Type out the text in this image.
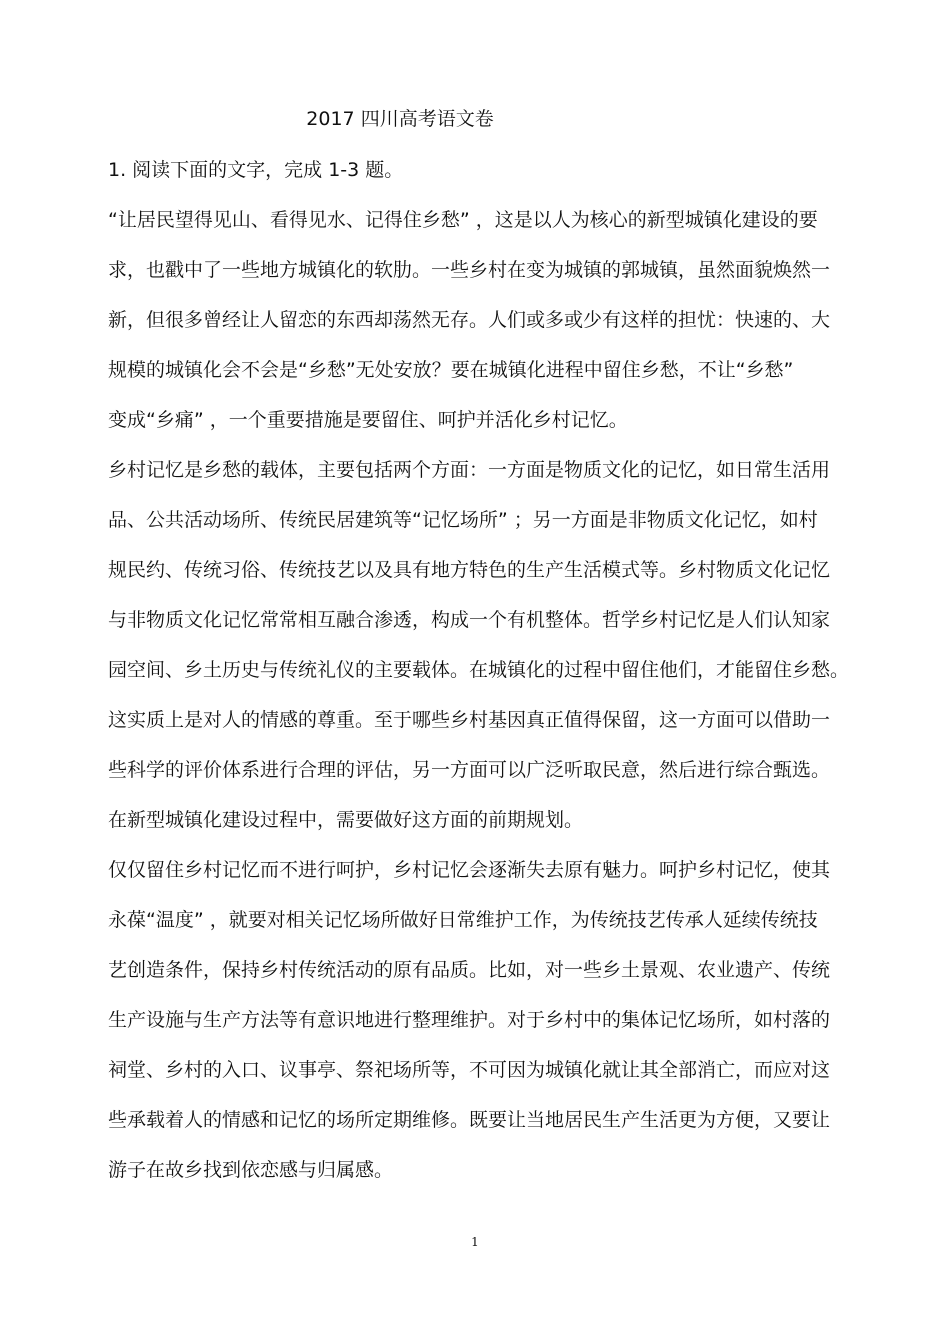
2017 四川高考语文卷
1. 阅读下面的文字，完成 1-3 题。
“让居民望得见山、看得见水、记得住乡愁” ，这是以人为核心的新型城镇化建设的要
求，也戳中了一些地方城镇化的软肋。一些乡村在变为城镇的郭城镇，虽然面貌焕然一
新，但很多曾经让人留恋的东西却荡然无存。人们或多或少有这样的担忧：快速的、大
规模的城镇化会不会是“乡愁”无处安放？要在城镇化进程中留住乡愁，不让“乡愁”
变成“乡痛” ，一个重要措施是要留住、呵护并活化乡村记忆。
乡村记忆是乡愁的载体，主要包括两个方面：一方面是物质文化的记忆，如日常生活用
品、公共活动场所、传统民居建筑等“记忆场所” ；另一方面是非物质文化记忆，如村
规民约、传统习俗、传统技艺以及具有地方特色的生产生活模式等。乡村物质文化记忆
与非物质文化记忆常常相互融合渗透，构成一个有机整体。哲学乡村记忆是人们认知家
园空间、乡土历史与传统礼仪的主要载体。在城镇化的过程中留住他们，才能留住乡愁。
这实质上是对人的情感的尊重。至于哪些乡村基因真正值得保留，这一方面可以借助一
些科学的评价体系进行合理的评估，另一方面可以广泛听取民意，然后进行综合甄选。
在新型城镇化建设过程中，需要做好这方面的前期规划。
仅仅留住乡村记忆而不进行呵护，乡村记忆会逐渐失去原有魅力。呵护乡村记忆，使其
永葆“温度” ，就要对相关记忆场所做好日常维护工作，为传统技艺传承人延续传统技
艺创造条件，保持乡村传统活动的原有品质。比如，对一些乡土景观、农业遗产、传统
生产设施与生产方法等有意识地进行整理维护。对于乡村中的集体记忆场所，如村落的
祠堂、乡村的入口、议事亭、祭祀场所等，不可因为城镇化就让其全部消亡，而应对这
些承载着人的情感和记忆的场所定期维修。既要让当地居民生产生活更为方便，又要让
游子在故乡找到依恋感与归属感。
1
